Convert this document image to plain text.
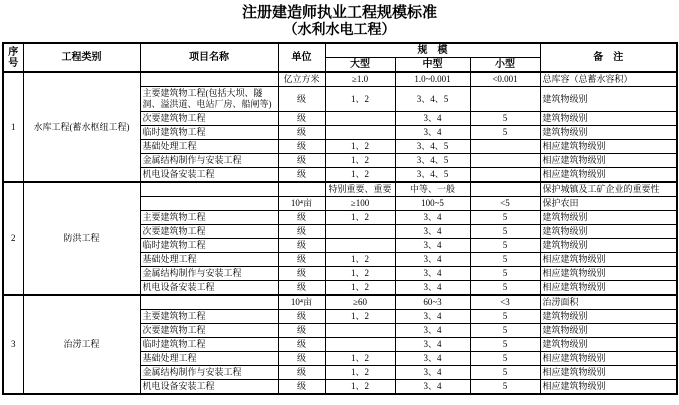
注册建造师执业工程规模标准
（水利水电工程）
序号	工程类别	项目名称	单位	规　模			备　注
				大型	中型	小型	
1	水库工程(蓄水枢纽工程)		亿立方米	≥1.0	1.0~0.001	<0.001	总库容（总蓄水容积）
		主要建筑物工程(包括大坝、隧洞、溢洪道、电站厂房、船闸等)	级	1、2	3、4、5		建筑物级别
		次要建筑物工程	级		3、4	5	建筑物级别
		临时建筑物工程	级		3、4	5	建筑物级别
		基础处理工程	级	1、2	3、4、5		相应建筑物级别
		金属结构制作与安装工程	级	1、2	3、4、5		相应建筑物级别
		机电设备安装工程	级	1、2	3、4、5		相应建筑物级别
2	防洪工程			特别重要、重要	中等、一般		保护城镇及工矿企业的重要性
			10⁴亩	≥100	100~5	<5	保护农田
		主要建筑物工程	级	1、2	3、4	5	建筑物级别
		次要建筑物工程	级		3、4	5	建筑物级别
		临时建筑物工程	级		3、4	5	建筑物级别
		基础处理工程	级	1、2	3、4	5	相应建筑物级别
		金属结构制作与安装工程	级	1、2	3、4	5	相应建筑物级别
		机电设备安装工程	级	1、2	3、4	5	相应建筑物级别
3	治涝工程		10⁴亩	≥60	60~3	<3	治涝面积
		主要建筑物工程	级	1、2	3、4	5	建筑物级别
		次要建筑物工程	级		3、4	5	建筑物级别
		临时建筑物工程	级		3、4	5	建筑物级别
		基础处理工程	级	1、2	3、4	5	相应建筑物级别
		金属结构制作与安装工程	级	1、2	3、4	5	相应建筑物级别
		机电设备安装工程	级	1、2	3、4	5	相应建筑物级别
